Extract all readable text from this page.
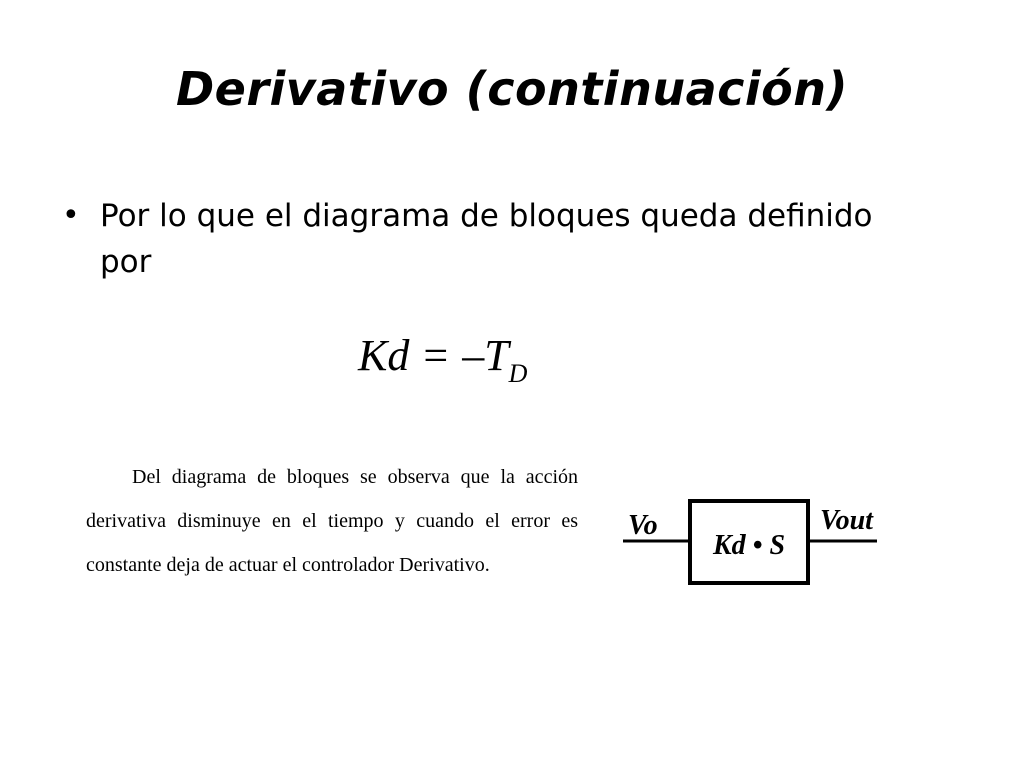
Derivativo (continuación)
• Por lo que el diagrama de bloques queda definido por
$Kd = -T_D$

Del diagrama de bloques se observa que la acción derivativa disminuye en el tiempo y cuando el error es constante deja de actuar el controlador Derivativo.

Vo
Kd • S
Vout
